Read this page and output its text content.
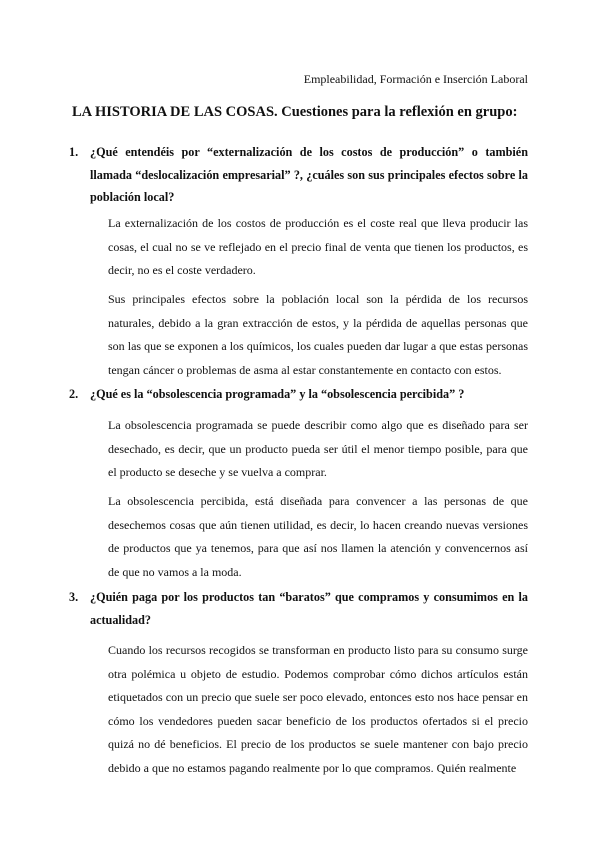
Empleabilidad, Formación e Inserción Laboral
LA HISTORIA DE LAS COSAS. Cuestiones para la reflexión en grupo:
1. ¿Qué entendéis por “externalización de los costos de producción” o también llamada “deslocalización empresarial” ?, ¿cuáles son sus principales efectos sobre la población local?
La externalización de los costos de producción es el coste real que lleva producir las cosas, el cual no se ve reflejado en el precio final de venta que tienen los productos, es decir, no es el coste verdadero.
Sus principales efectos sobre la población local son la pérdida de los recursos naturales, debido a la gran extracción de estos, y la pérdida de aquellas personas que son las que se exponen a los químicos, los cuales pueden dar lugar a que estas personas tengan cáncer o problemas de asma al estar constantemente en contacto con estos.
2. ¿Qué es la “obsolescencia programada” y la “obsolescencia percibida” ?
La obsolescencia programada se puede describir como algo que es diseñado para ser desechado, es decir, que un producto pueda ser útil el menor tiempo posible, para que el producto se deseche y se vuelva a comprar.
La obsolescencia percibida, está diseñada para convencer a las personas de que desechemos cosas que aún tienen utilidad, es decir, lo hacen creando nuevas versiones de productos que ya tenemos, para que así nos llamen la atención y convencernos así de que no vamos a la moda.
3. ¿Quién paga por los productos tan “baratos” que compramos y consumimos en la actualidad?
Cuando los recursos recogidos se transforman en producto listo para su consumo surge otra polémica u objeto de estudio. Podemos comprobar cómo dichos artículos están etiquetados con un precio que suele ser poco elevado, entonces esto nos hace pensar en cómo los vendedores pueden sacar beneficio de los productos ofertados si el precio quizá no dé beneficios. El precio de los productos se suele mantener con bajo precio debido a que no estamos pagando realmente por lo que compramos. Quién realmente
